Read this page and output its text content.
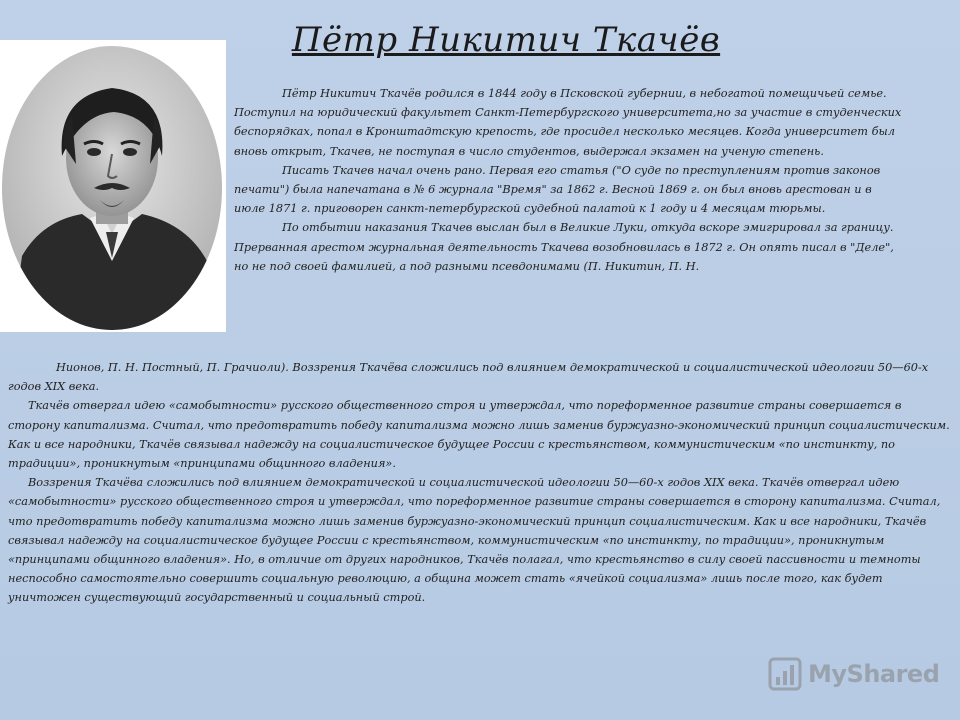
Пётр Никитич Ткачёв

Пётр Никитич Ткачёв родился в 1844 году в Псковской губернии, в небогатой помещичьей семье. Поступил на юридический факультет Санкт-Петербургского университета,но за участие в студенческих беспорядках, попал в Кронштадтскую крепость, где просидел несколько месяцев. Когда университет был вновь открыт, Ткачев, не поступая в число студентов, выдержал экзамен на ученую степень.

Писать Ткачев начал очень рано. Первая его статья ("О суде по преступлениям против законов печати") была напечатана в № 6 журнала "Время" за 1862 г. Весной 1869 г. он был вновь арестован и в июле 1871 г. приговорен санкт-петербургской судебной палатой к 1 году и 4 месяцам тюрьмы.

По отбытии наказания Ткачев выслан был в Великие Луки, откуда вскоре эмигрировал за границу. Прерванная арестом журнальная деятельность Ткачева возобновилась в 1872 г. Он опять писал в "Деле", но не под своей фамилией, а под разными псевдонимами (П. Никитин, П. Н.

Нионов, П. Н. Постный, П. Грачиоли). Воззрения Ткачёва сложились под влиянием демократической и социалистической идеологии 50—60-х годов XIX века.

Ткачёв отвергал идею «самобытности» русского общественного строя и утверждал, что пореформенное развитие страны совершается в сторону капитализма. Считал, что предотвратить победу капитализма можно лишь заменив буржуазно-экономический принцип социалистическим. Как и все народники, Ткачёв связывал надежду на социалистическое будущее России с крестьянством, коммунистическим «по инстинкту, по традиции», проникнутым «принципами общинного владения».

Воззрения Ткачёва сложились под влиянием демократической и социалистической идеологии 50—60-х годов XIX века. Ткачёв отвергал идею «самобытности» русского общественного строя и утверждал, что пореформенное развитие страны совершается в сторону капитализма. Считал, что предотвратить победу капитализма можно лишь заменив буржуазно-экономический принцип социалистическим. Как и все народники, Ткачёв связывал надежду на социалистическое будущее России с крестьянством, коммунистическим «по инстинкту, по традиции», проникнутым «принципами общинного владения». Но, в отличие от других народников, Ткачёв полагал, что крестьянство в силу своей пассивности и темноты неспособно самостоятельно совершить социальную революцию, а община может стать «ячейкой социализма» лишь после того, как будет уничтожен существующий государственный и социальный строй.

MyShared
